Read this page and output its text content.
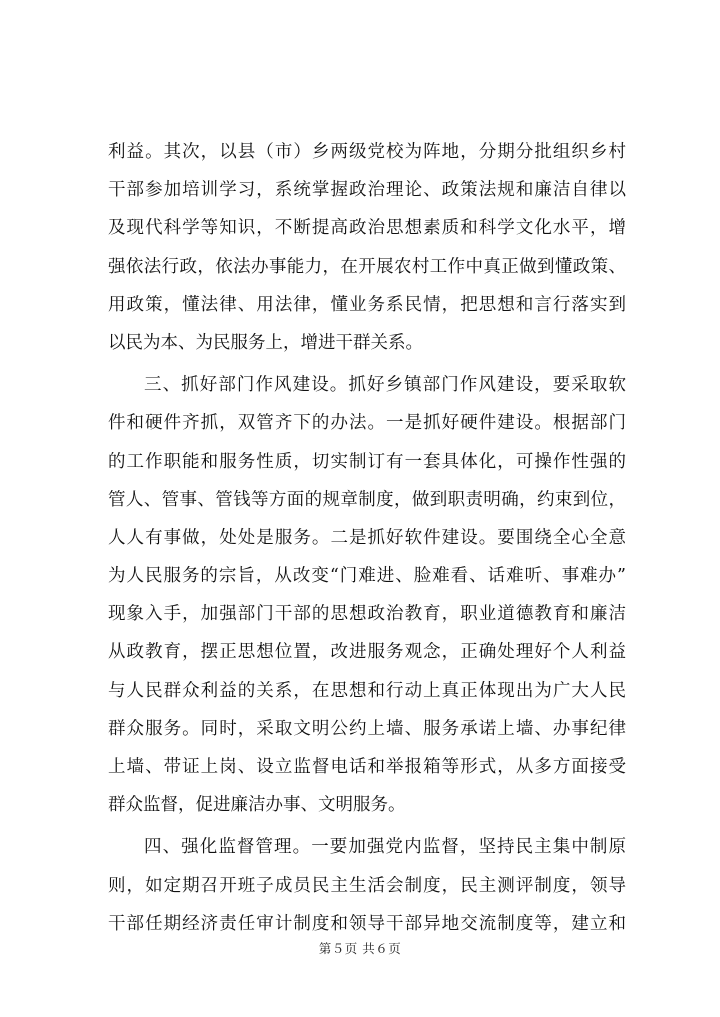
利益。其次，以县（市）乡两级党校为阵地，分期分批组织乡村
干部参加培训学习，系统掌握政治理论、政策法规和廉洁自律以
及现代科学等知识，不断提高政治思想素质和科学文化水平，增
强依法行政，依法办事能力，在开展农村工作中真正做到懂政策、
用政策，懂法律、用法律，懂业务系民情，把思想和言行落实到
以民为本、为民服务上，增进干群关系。
三、抓好部门作风建设。抓好乡镇部门作风建设，要采取软
件和硬件齐抓，双管齐下的办法。一是抓好硬件建设。根据部门
的工作职能和服务性质，切实制订有一套具体化，可操作性强的
管人、管事、管钱等方面的规章制度，做到职责明确，约束到位，
人人有事做，处处是服务。二是抓好软件建设。要围绕全心全意
为人民服务的宗旨，从改变“门难进、脸难看、话难听、事难办”
现象入手，加强部门干部的思想政治教育，职业道德教育和廉洁
从政教育，摆正思想位置，改进服务观念，正确处理好个人利益
与人民群众利益的关系，在思想和行动上真正体现出为广大人民
群众服务。同时，采取文明公约上墙、服务承诺上墙、办事纪律
上墙、带证上岗、设立监督电话和举报箱等形式，从多方面接受
群众监督，促进廉洁办事、文明服务。
四、强化监督管理。一要加强党内监督，坚持民主集中制原
则，如定期召开班子成员民主生活会制度，民主测评制度，领导
干部任期经济责任审计制度和领导干部异地交流制度等，建立和
第５页 共６页
